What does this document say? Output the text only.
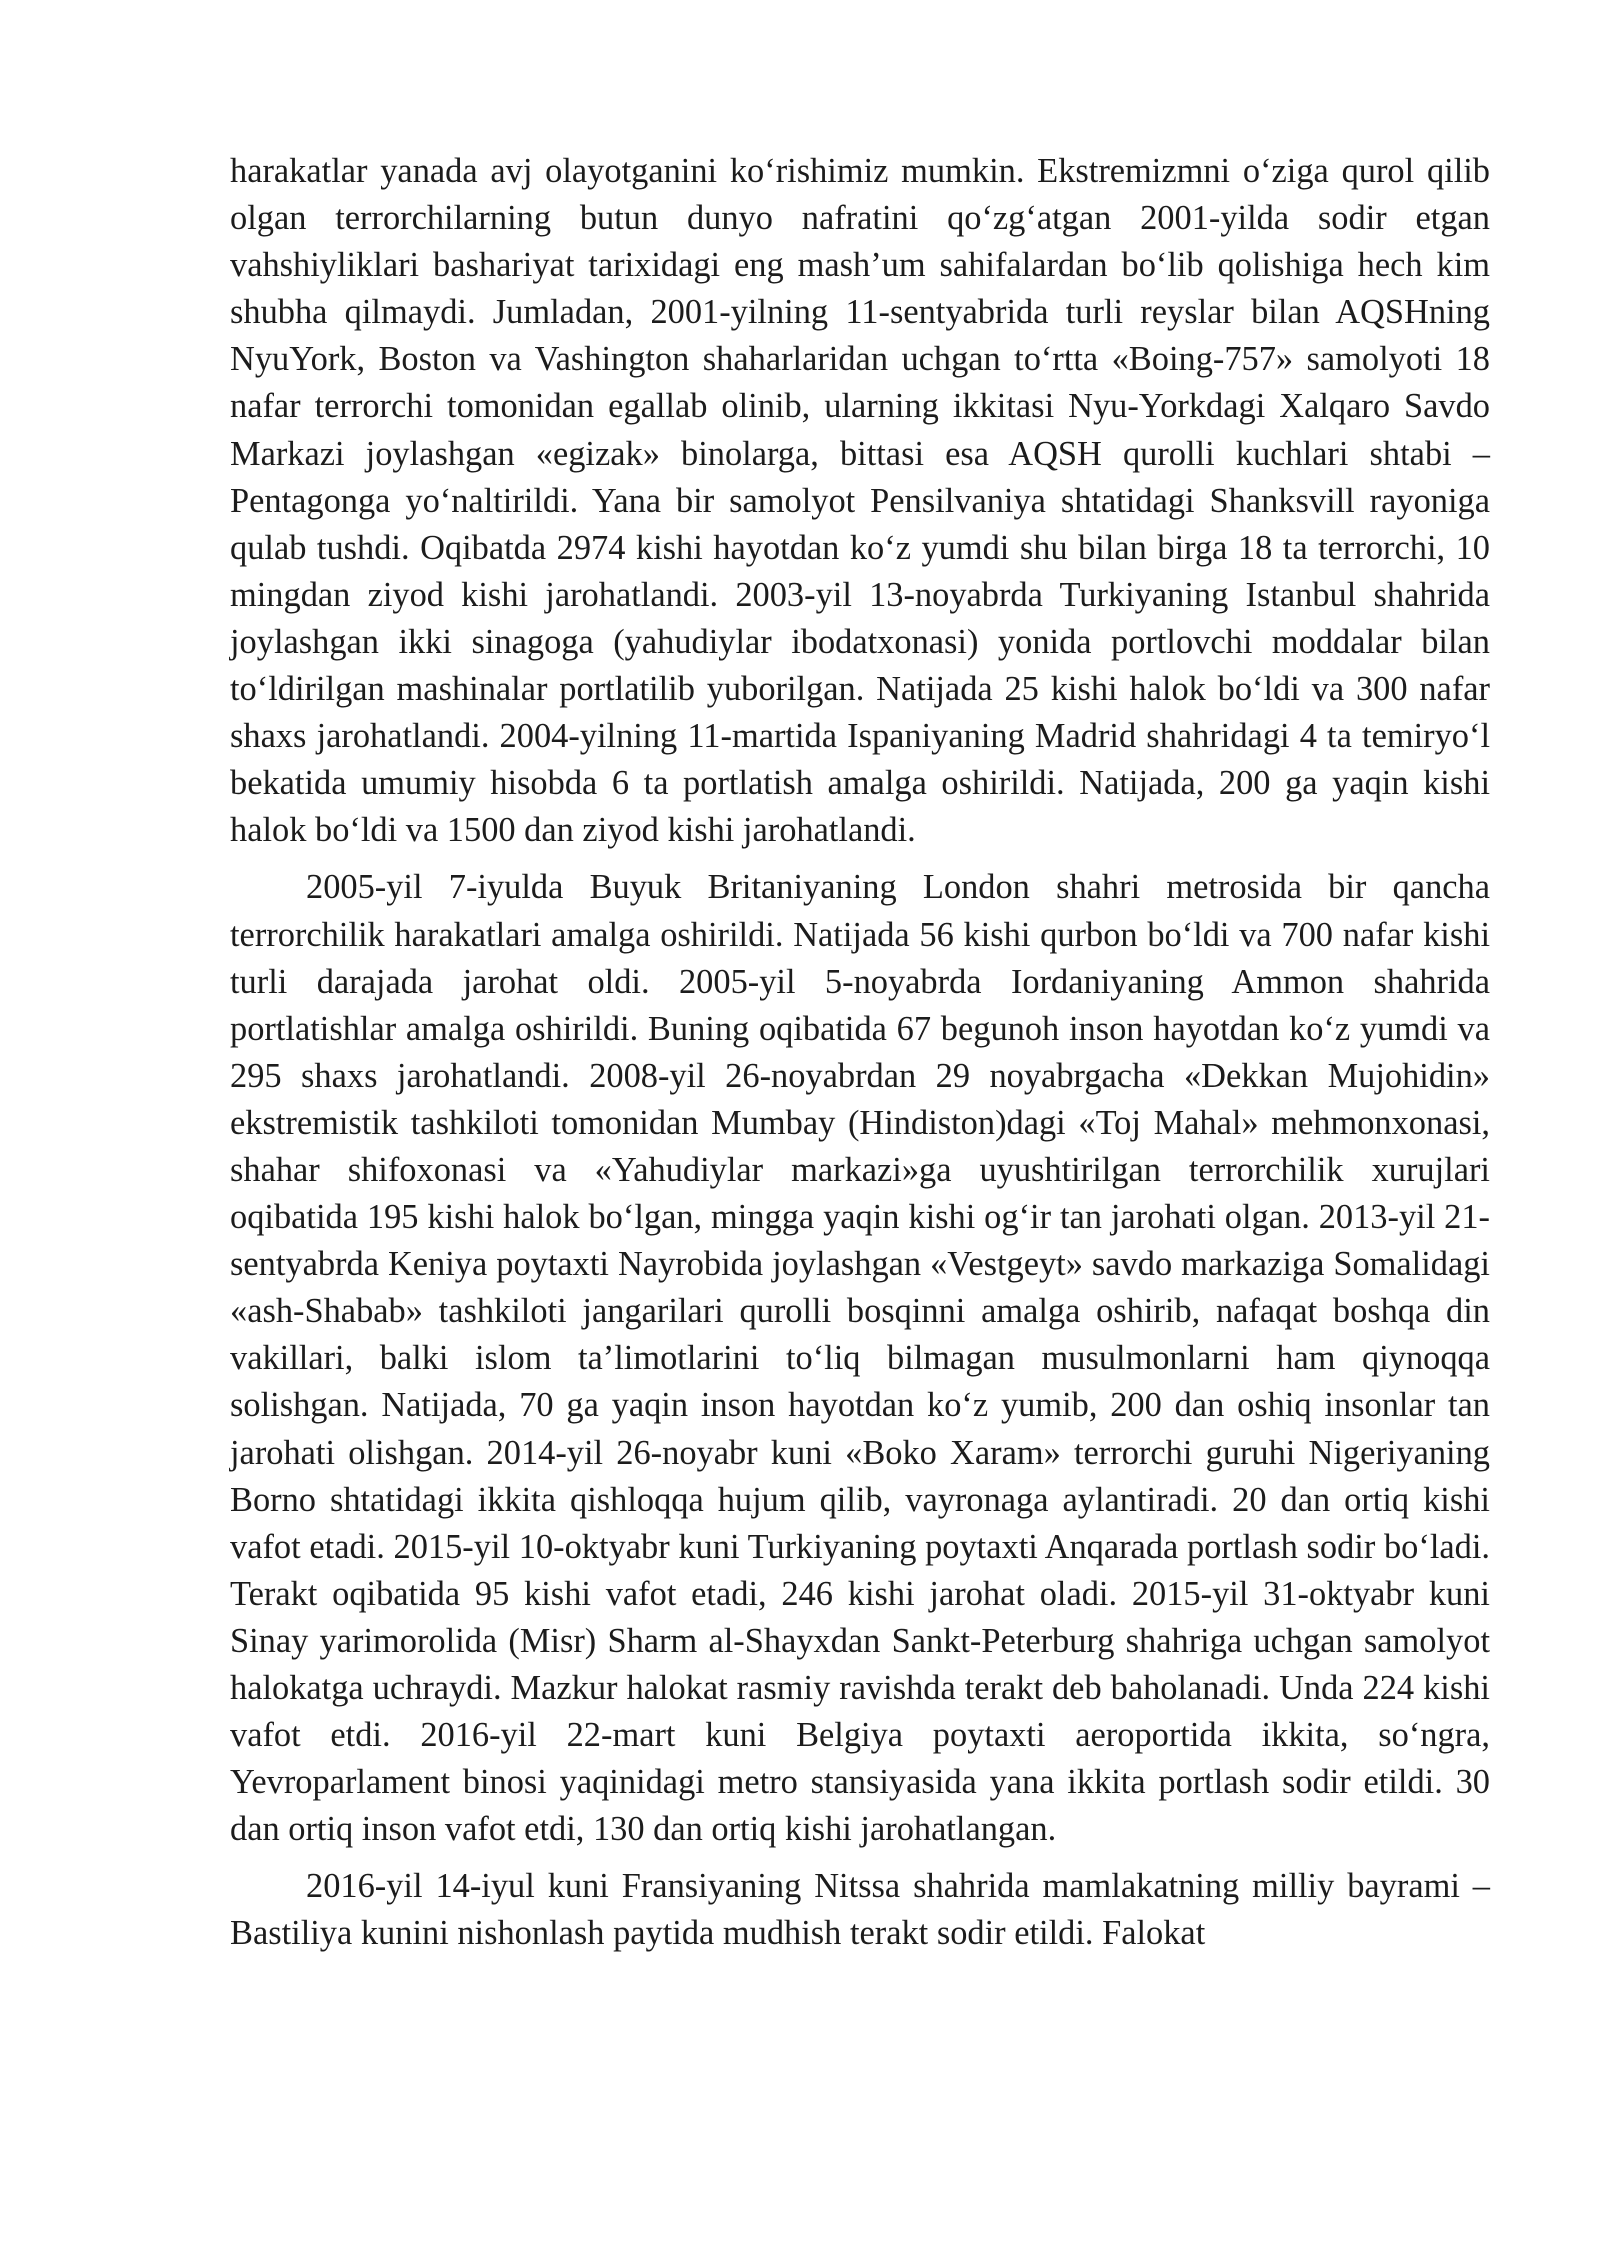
harakatlar yanada avj olayotganini koʻrishimiz mumkin. Ekstremizmni oʻziga qurol qilib olgan terrorchilarning butun dunyo nafratini qoʻzgʻatgan 2001-yilda sodir etgan vahshiyliklari bashariyat tarixidagi eng mash’um sahifalardan boʻlib qolishiga hech kim shubha qilmaydi. Jumladan, 2001-yilning 11-sentyabrida turli reyslar bilan AQSHning NyuYork, Boston va Vashington shaharlaridan uchgan toʻrtta «Boing-757» samolyoti 18 nafar terrorchi tomonidan egallab olinib, ularning ikkitasi Nyu-Yorkdagi Xalqaro Savdo Markazi joylashgan «egizak» binolarga, bittasi esa AQSH qurolli kuchlari shtabi – Pentagonga yoʻnaltirildi. Yana bir samolyot Pensilvaniya shtatidagi Shanksvill rayoniga qulab tushdi. Oqibatda 2974 kishi hayotdan koʻz yumdi shu bilan birga 18 ta terrorchi, 10 mingdan ziyod kishi jarohatlandi. 2003-yil 13-noyabrda Turkiyaning Istanbul shahrida joylashgan ikki sinagoga (yahudiylar ibodatxonasi) yonida portlovchi moddalar bilan toʻldirilgan mashinalar portlatilib yuborilgan. Natijada 25 kishi halok boʻldi va 300 nafar shaxs jarohatlandi. 2004-yilning 11-martida Ispaniyaning Madrid shahridagi 4 ta temiryoʻl bekatida umumiy hisobda 6 ta portlatish amalga oshirildi. Natijada, 200 ga yaqin kishi halok boʻldi va 1500 dan ziyod kishi jarohatlandi.

2005-yil 7-iyulda Buyuk Britaniyaning London shahri metrosida bir qancha terrorchilik harakatlari amalga oshirildi. Natijada 56 kishi qurbon boʻldi va 700 nafar kishi turli darajada jarohat oldi. 2005-yil 5-noyabrda Iordaniyaning Ammon shahrida portlatishlar amalga oshirildi. Buning oqibatida 67 begunoh inson hayotdan koʻz yumdi va 295 shaxs jarohatlandi. 2008-yil 26-noyabrdan 29 noyabrgacha «Dekkan Mujohidin» ekstremistik tashkiloti tomonidan Mumbay (Hindiston)dagi «Toj Mahal» mehmonxonasi, shahar shifoxonasi va «Yahudiylar markazi»ga uyushtirilgan terrorchilik xurujlari oqibatida 195 kishi halok boʻlgan, mingga yaqin kishi ogʻir tan jarohati olgan. 2013-yil 21-sentyabrda Keniya poytaxti Nayrobida joylashgan «Vestgeyt» savdo markaziga Somalidagi «ash-Shabab» tashkiloti jangarilari qurolli bosqinni amalga oshirib, nafaqat boshqa din vakillari, balki islom ta’limotlarini toʻliq bilmagan musulmonlarni ham qiynoqqa solishgan. Natijada, 70 ga yaqin inson hayotdan koʻz yumib, 200 dan oshiq insonlar tan jarohati olishgan. 2014-yil 26-noyabr kuni «Boko Xaram» terrorchi guruhi Nigeriyaning Borno shtatidagi ikkita qishloqqa hujum qilib, vayronaga aylantiradi. 20 dan ortiq kishi vafot etadi. 2015-yil 10-oktyabr kuni Turkiyaning poytaxti Anqarada portlash sodir boʻladi. Terakt oqibatida 95 kishi vafot etadi, 246 kishi jarohat oladi. 2015-yil 31-oktyabr kuni Sinay yarimorolida (Misr) Sharm al-Shayxdan Sankt-Peterburg shahriga uchgan samolyot halokatga uchraydi. Mazkur halokat rasmiy ravishda terakt deb baholanadi. Unda 224 kishi vafot etdi. 2016-yil 22-mart kuni Belgiya poytaxti aeroportida ikkita, soʻngra, Yevroparlament binosi yaqinidagi metro stansiyasida yana ikkita portlash sodir etildi. 30 dan ortiq inson vafot etdi, 130 dan ortiq kishi jarohatlangan.

2016-yil 14-iyul kuni Fransiyaning Nitssa shahrida mamlakatning milliy bayrami – Bastiliya kunini nishonlash paytida mudhish terakt sodir etildi. Falokat
